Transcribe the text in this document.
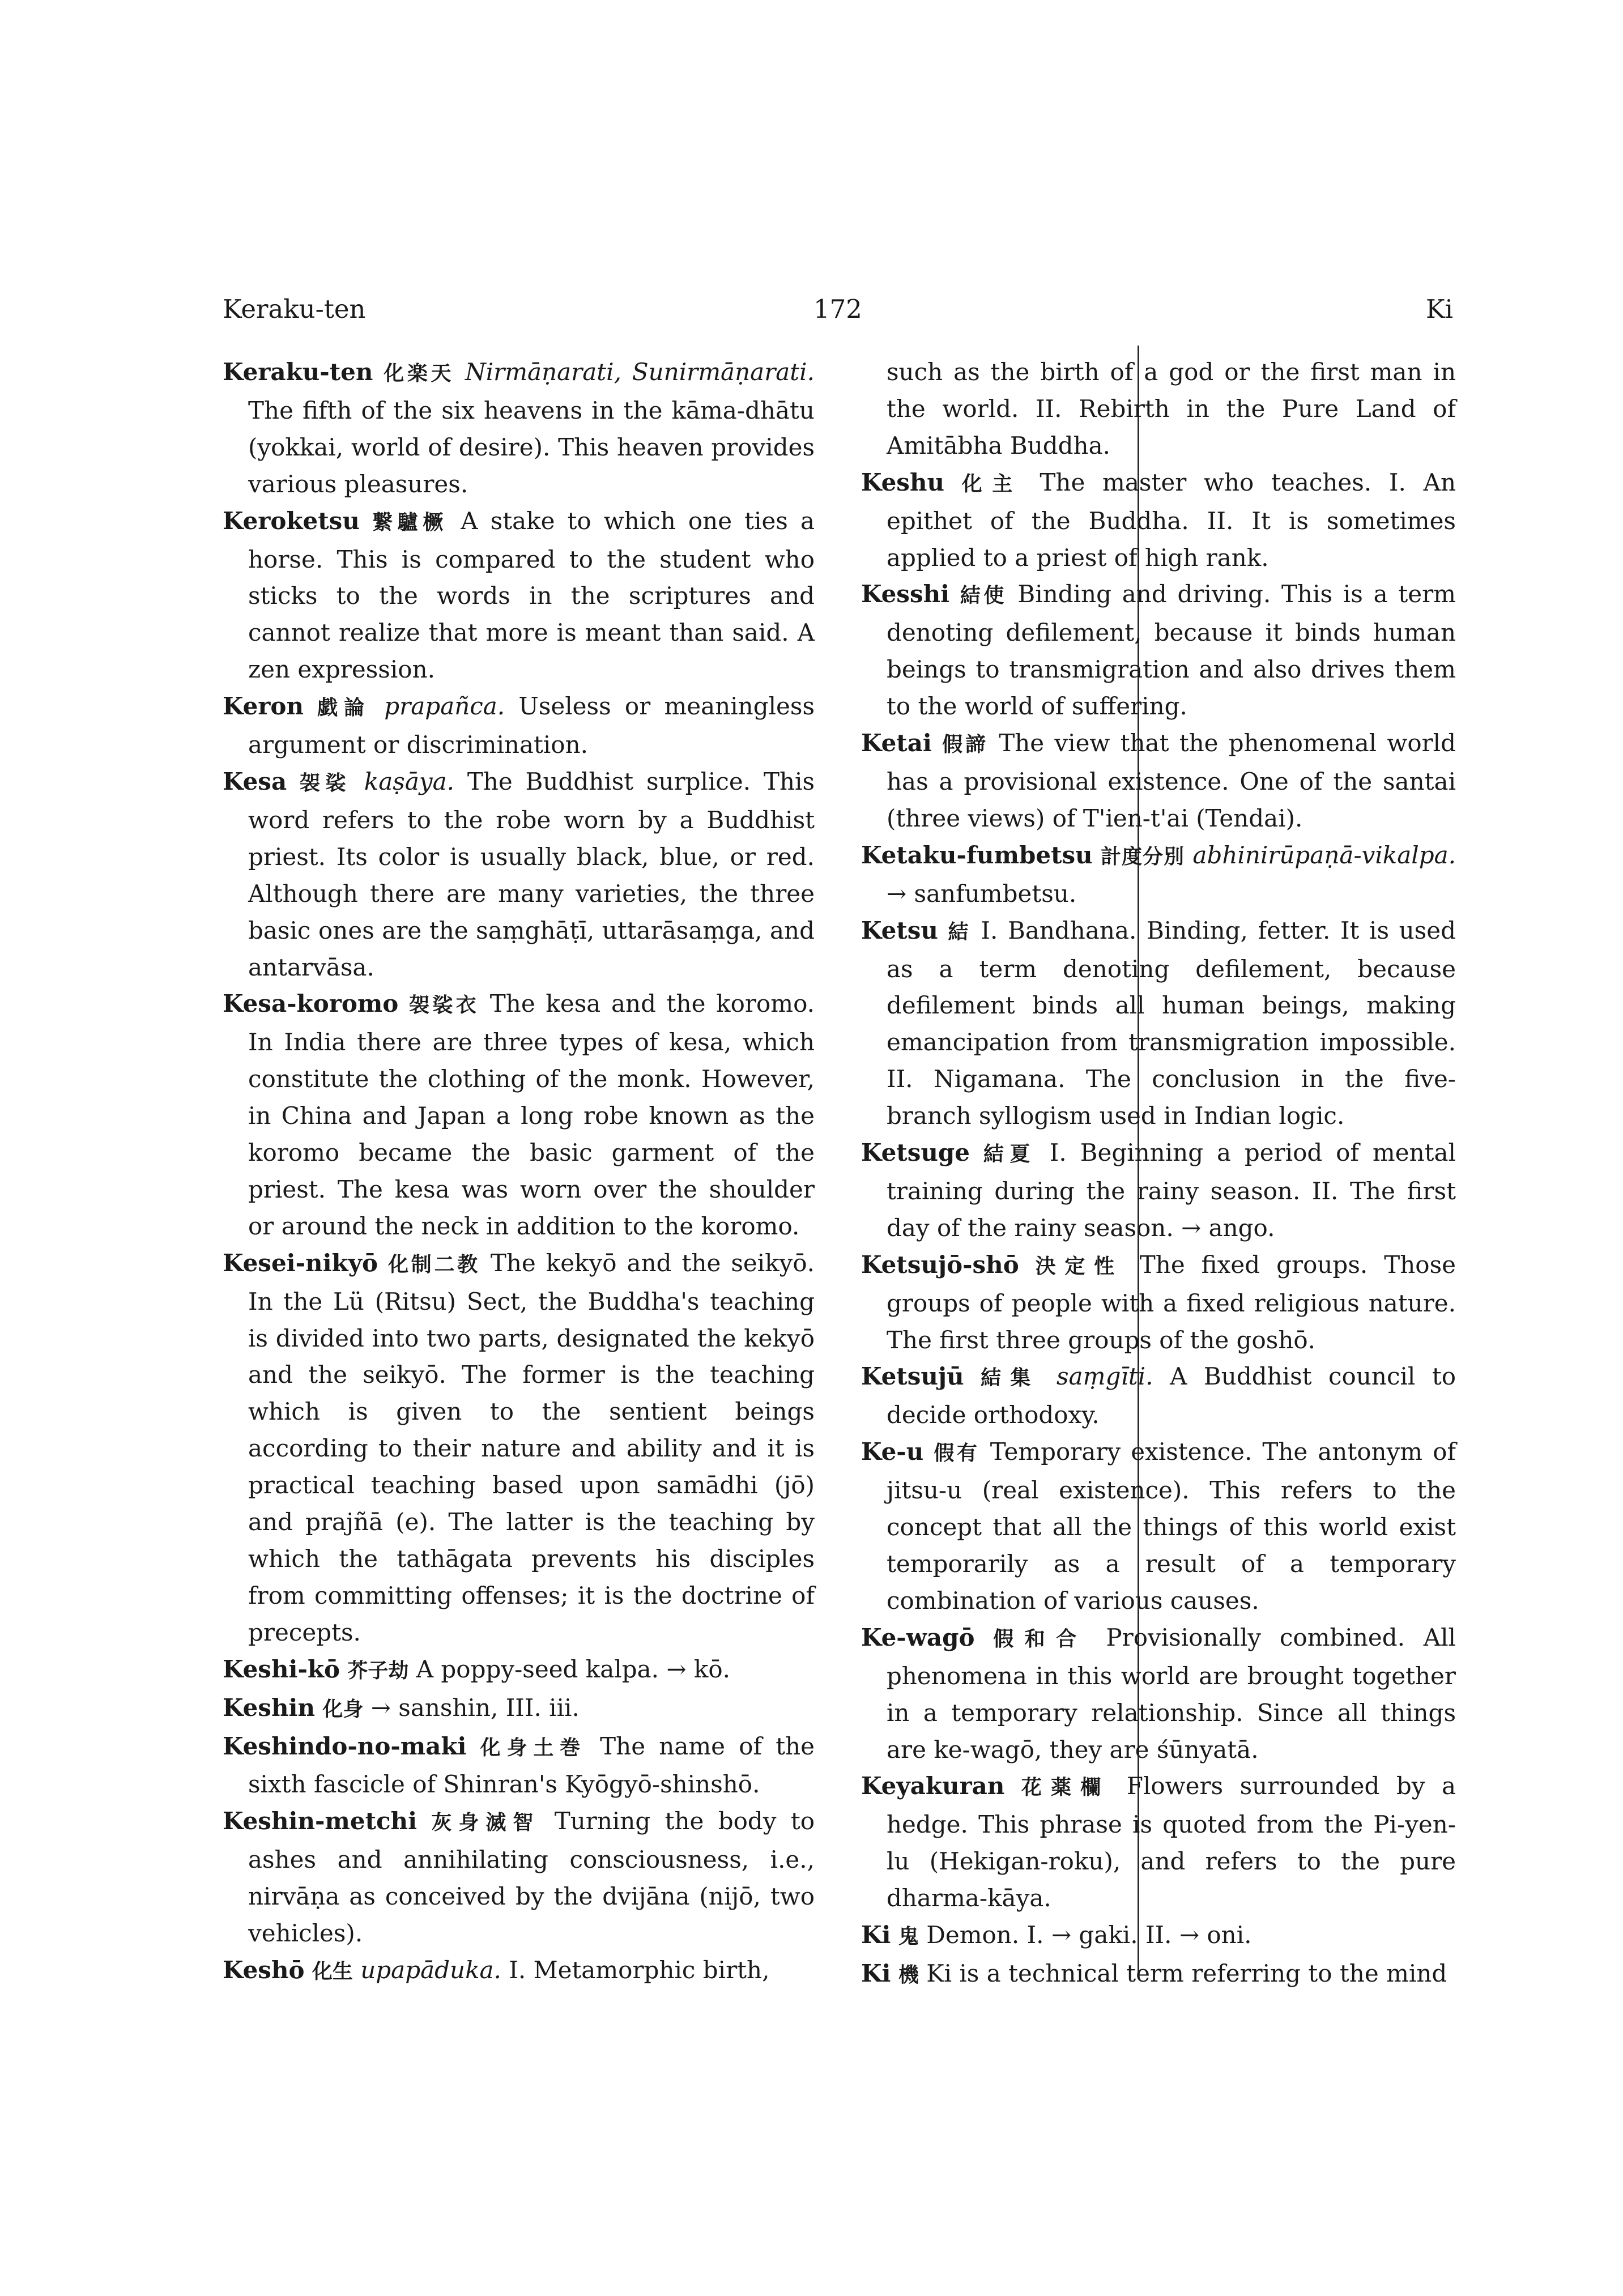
Keraku-ten	172	Ki

Keraku-ten 化楽天 Nirmāṇarati, Sunirmāṇarati. The fifth of the six heavens in the kāma-dhātu (yokkai, world of desire). This heaven provides various pleasures.

Keroketsu 繋驢橛 A stake to which one ties a horse. This is compared to the student who sticks to the words in the scriptures and cannot realize that more is meant than said. A zen expression.

Keron 戯論 prapañca. Useless or meaningless argument or discrimination.

Kesa 袈裟 kaṣāya. The Buddhist surplice. This word refers to the robe worn by a Buddhist priest. Its color is usually black, blue, or red. Although there are many varieties, the three basic ones are the saṃghāṭī, uttarāsaṃga, and antarvāsa.

Kesa-koromo 袈裟衣 The kesa and the koromo. In India there are three types of kesa, which constitute the clothing of the monk. However, in China and Japan a long robe known as the koromo became the basic garment of the priest. The kesa was worn over the shoulder or around the neck in addition to the koromo.

Kesei-nikyō 化制二教 The kekyō and the seikyō. In the Lü (Ritsu) Sect, the Buddha's teaching is divided into two parts, designated the kekyō and the seikyō. The former is the teaching which is given to the sentient beings according to their nature and ability and it is practical teaching based upon samādhi (jō) and prajñā (e). The latter is the teaching by which the tathāgata prevents his disciples from committing offenses; it is the doctrine of precepts.

Keshi-kō 芥子劫 A poppy-seed kalpa. → kō.

Keshin 化身 → sanshin, III. iii.

Keshindo-no-maki 化身土巻 The name of the sixth fascicle of Shinran's Kyōgyō-shinshō.

Keshin-metchi 灰身滅智 Turning the body to ashes and annihilating consciousness, i.e., nirvāṇa as conceived by the dvijāna (nijō, two vehicles).

Keshō 化生 upapāduka. I. Metamorphic birth,

such as the birth of a god or the first man in the world. II. Rebirth in the Pure Land of Amitābha Buddha.

Keshu 化主 The master who teaches. I. An epithet of the Buddha. II. It is sometimes applied to a priest of high rank.

Kesshi 結使 Binding and driving. This is a term denoting defilement, because it binds human beings to transmigration and also drives them to the world of suffering.

Ketai 假諦 The view that the phenomenal world has a provisional existence. One of the santai (three views) of T'ien-t'ai (Tendai).

Ketaku-fumbetsu 計度分別 abhinirūpaṇā-vikalpa. → sanfumbetsu.

Ketsu 結 I. Bandhana. Binding, fetter. It is used as a term denoting defilement, because defilement binds all human beings, making emancipation from transmigration impossible. II. Nigamana. The conclusion in the five-branch syllogism used in Indian logic.

Ketsuge 結夏 I. Beginning a period of mental training during the rainy season. II. The first day of the rainy season. → ango.

Ketsujō-shō 決定性 The fixed groups. Those groups of people with a fixed religious nature. The first three groups of the goshō.

Ketsujū 結集 saṃgīti. A Buddhist council to decide orthodoxy.

Ke-u 假有 Temporary existence. The antonym of jitsu-u (real existence). This refers to the concept that all the things of this world exist temporarily as a result of a temporary combination of various causes.

Ke-wagō 假和合 Provisionally combined. All phenomena in this world are brought together in a temporary relationship. Since all things are ke-wagō, they are śūnyatā.

Keyakuran 花薬欄 Flowers surrounded by a hedge. This phrase is quoted from the Pi-yen-lu (Hekigan-roku), and refers to the pure dharma-kāya.

Ki 鬼 Demon. I. → gaki. II. → oni.

Ki 機 Ki is a technical term referring to the mind
